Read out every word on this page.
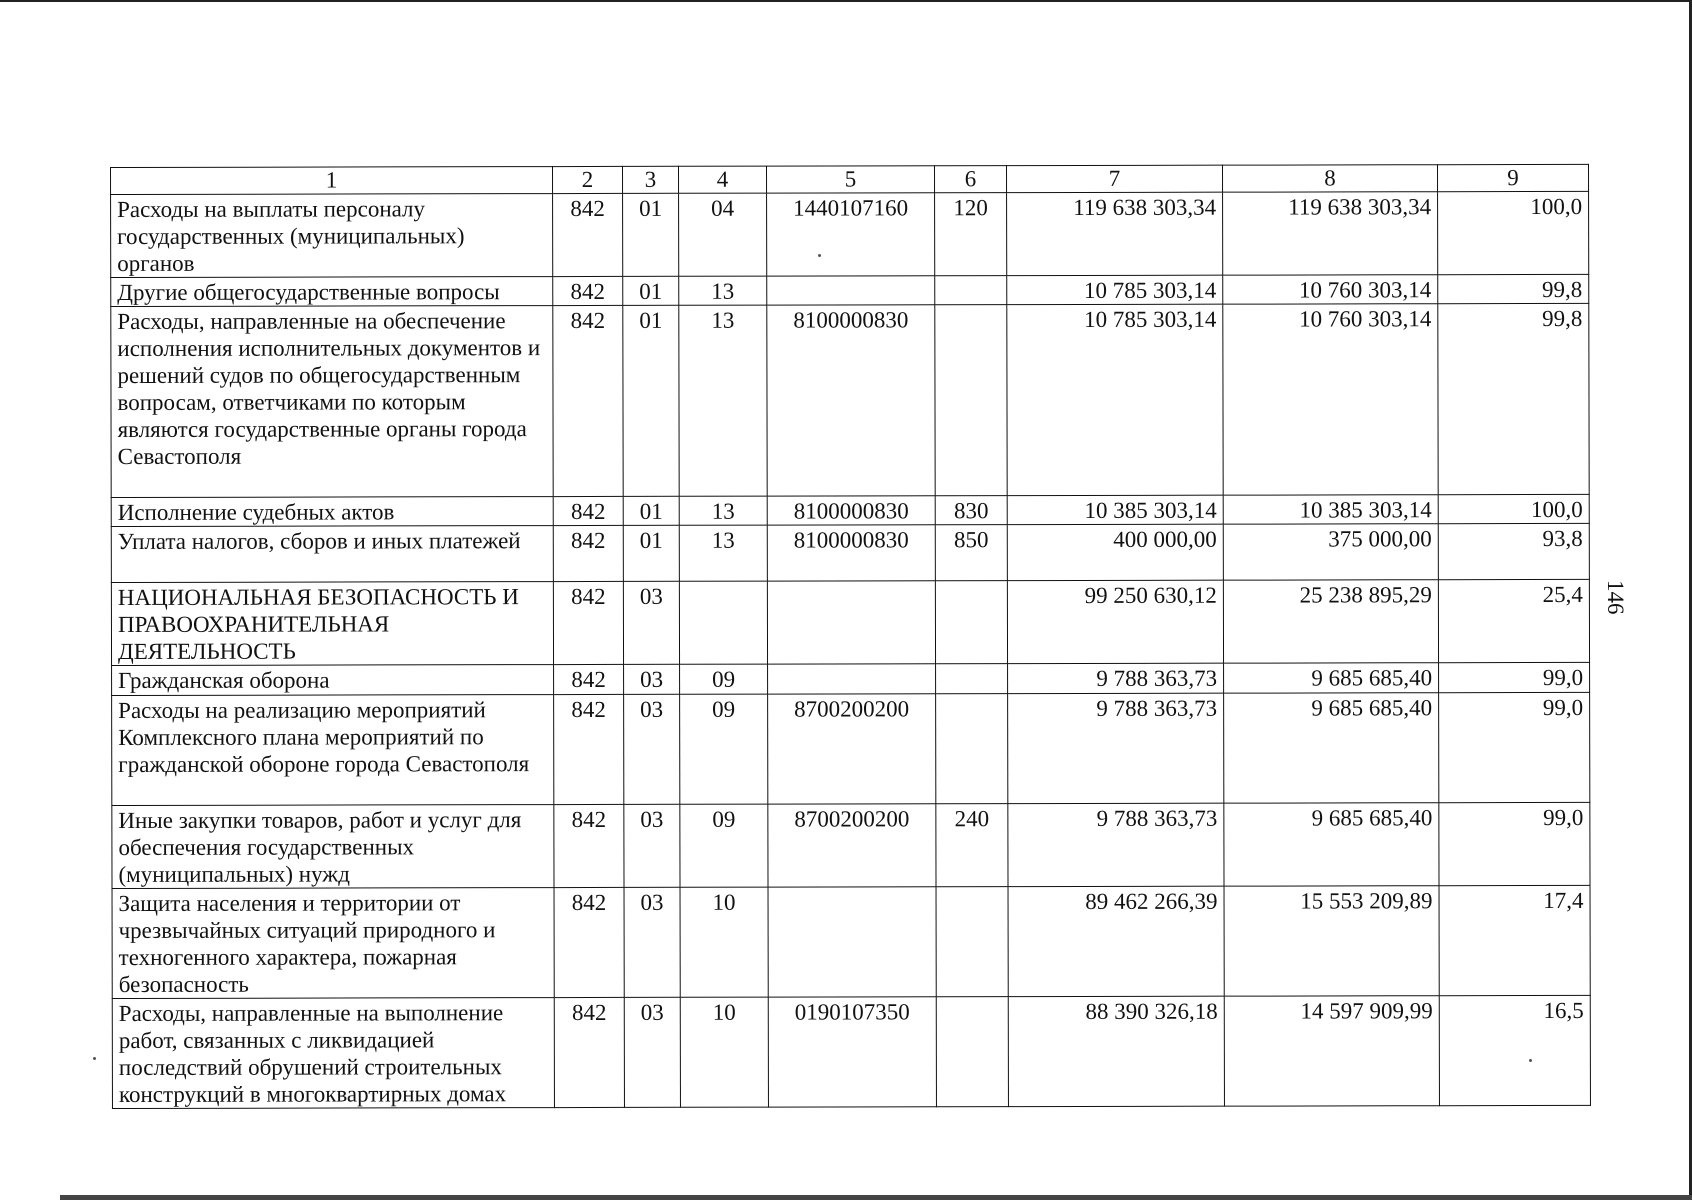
1	2	3	4	5	6	7	8	9
Расходы на выплаты персоналу государственных (муниципальных) органов	842	01	04	1440107160	120	119 638 303,34	119 638 303,34	100,0
Другие общегосударственные вопросы	842	01	13			10 785 303,14	10 760 303,14	99,8
Расходы, направленные на обеспечение исполнения исполнительных документов и решений судов по общегосударственным вопросам, ответчиками по которым являются государственные органы города Севастополя	842	01	13	8100000830		10 785 303,14	10 760 303,14	99,8
Исполнение судебных актов	842	01	13	8100000830	830	10 385 303,14	10 385 303,14	100,0
Уплата налогов, сборов и иных платежей	842	01	13	8100000830	850	400 000,00	375 000,00	93,8
НАЦИОНАЛЬНАЯ БЕЗОПАСНОСТЬ И ПРАВООХРАНИТЕЛЬНАЯ ДЕЯТЕЛЬНОСТЬ	842	03				99 250 630,12	25 238 895,29	25,4
Гражданская оборона	842	03	09			9 788 363,73	9 685 685,40	99,0
Расходы на реализацию мероприятий Комплексного плана мероприятий по гражданской обороне города Севастополя	842	03	09	8700200200		9 788 363,73	9 685 685,40	99,0
Иные закупки товаров, работ и услуг для обеспечения государственных (муниципальных) нужд	842	03	09	8700200200	240	9 788 363,73	9 685 685,40	99,0
Защита населения и территории от чрезвычайных ситуаций природного и техногенного характера, пожарная безопасность	842	03	10			89 462 266,39	15 553 209,89	17,4
Расходы, направленные на выполнение работ, связанных с ликвидацией последствий обрушений строительных конструкций в многоквартирных домах	842	03	10	0190107350		88 390 326,18	14 597 909,99	16,5
146
